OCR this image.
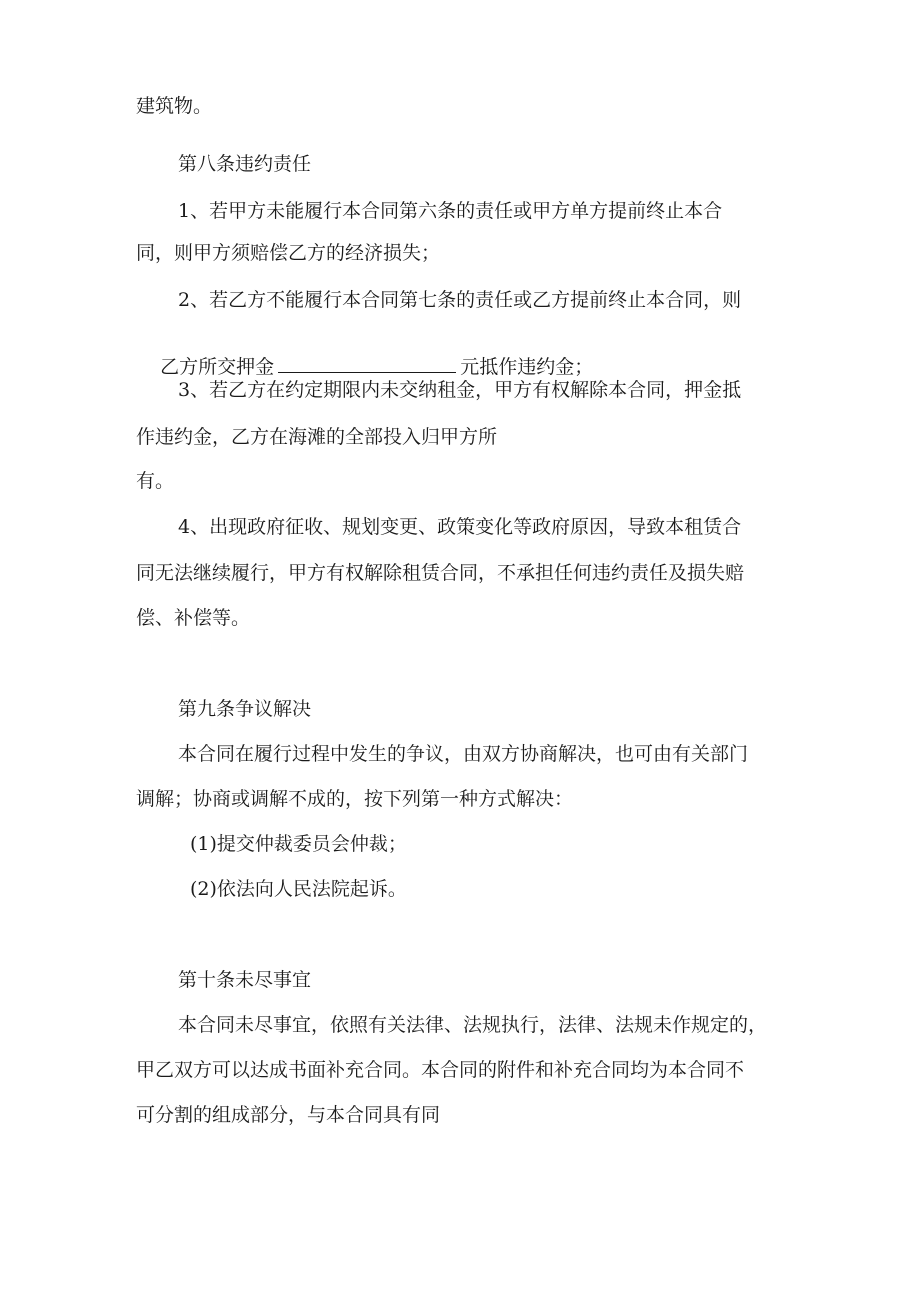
建筑物。
第八条违约责任
1、若甲方未能履行本合同第六条的责任或甲方单方提前终止本合
同，则甲方须赔偿乙方的经济损失；
2、若乙方不能履行本合同第七条的责任或乙方提前终止本合同，则

乙方所交押金	元抵作违约金；

3、若乙方在约定期限内未交纳租金，甲方有权解除本合同，押金抵
作违约金，乙方在海滩的全部投入归甲方所
有。
4、出现政府征收、规划变更、政策变化等政府原因，导致本租赁合
同无法继续履行，甲方有权解除租赁合同，不承担任何违约责任及损失赔
偿、补偿等。
第九条争议解决
本合同在履行过程中发生的争议，由双方协商解决，也可由有关部门
调解；协商或调解不成的，按下列第一种方式解决：
(1)提交仲裁委员会仲裁；
(2)依法向人民法院起诉。
第十条未尽事宜
本合同未尽事宜，依照有关法律、法规执行，法律、法规未作规定的，
甲乙双方可以达成书面补充合同。本合同的附件和补充合同均为本合同不
可分割的组成部分，与本合同具有同
